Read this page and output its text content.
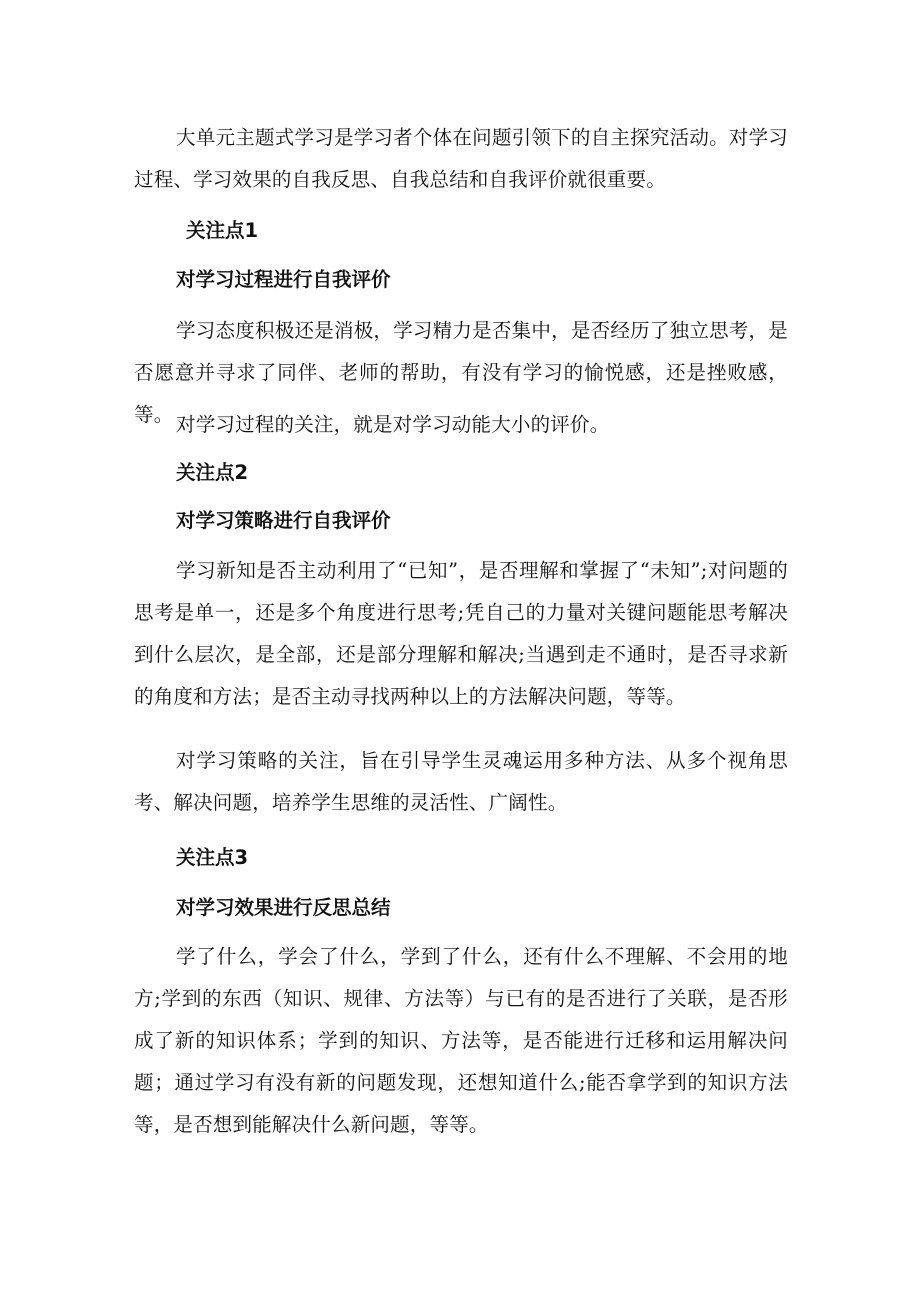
大单元主题式学习是学习者个体在问题引领下的自主探究活动。对学习过程、学习效果的自我反思、自我总结和自我评价就很重要。

关注点1
对学习过程进行自我评价

学习态度积极还是消极，学习精力是否集中，是否经历了独立思考，是否愿意并寻求了同伴、老师的帮助，有没有学习的愉悦感，还是挫败感，等。 对学习过程的关注，就是对学习动能大小的评价。

关注点2
对学习策略进行自我评价

学习新知是否主动利用了“已知”，是否理解和掌握了“未知”;对问题的思考是单一，还是多个角度进行思考;凭自己的力量对关键问题能思考解决到什么层次，是全部，还是部分理解和解决;当遇到走不通时，是否寻求新的角度和方法；是否主动寻找两种以上的方法解决问题，等等。

对学习策略的关注，旨在引导学生灵魂运用多种方法、从多个视角思考、解决问题，培养学生思维的灵活性、广阔性。

关注点3
对学习效果进行反思总结

学了什么，学会了什么，学到了什么，还有什么不理解、不会用的地方;学到的东西（知识、规律、方法等）与已有的是否进行了关联，是否形成了新的知识体系；学到的知识、方法等，是否能进行迁移和运用解决问题；通过学习有没有新的问题发现，还想知道什么;能否拿学到的知识方法等，是否想到能解决什么新问题，等等。
